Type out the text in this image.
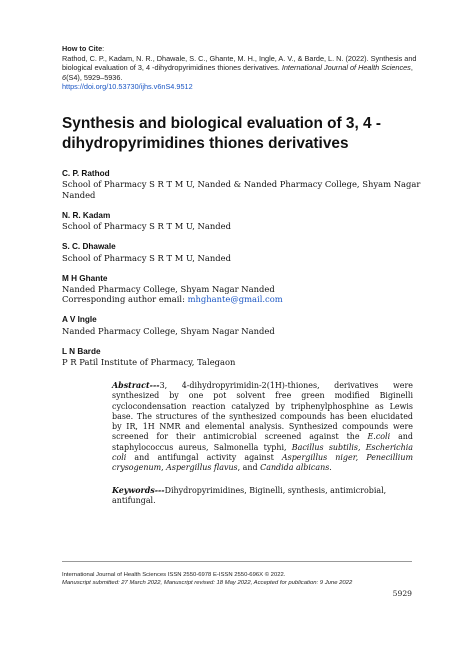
How to Cite:
Rathod, C. P., Kadam, N. R., Dhawale, S. C., Ghante, M. H., Ingle, A. V., & Barde, L. N. (2022). Synthesis and biological evaluation of 3, 4 -dihydropyrimidines thiones derivatives. International Journal of Health Sciences, 6(S4), 5929–5936.
https://doi.org/10.53730/ijhs.v6nS4.9512
Synthesis and biological evaluation of 3, 4 -dihydropyrimidines thiones derivatives
C. P. Rathod
School of Pharmacy S R T M U, Nanded & Nanded Pharmacy College, Shyam Nagar Nanded
N. R. Kadam
School of Pharmacy S R T M U, Nanded
S. C. Dhawale
School of Pharmacy S R T M U, Nanded
M H Ghante
Nanded Pharmacy College, Shyam Nagar Nanded
Corresponding author email: mhghante@gmail.com
A V Ingle
Nanded Pharmacy College, Shyam Nagar Nanded
L N Barde
P R Patil Institute of Pharmacy, Talegaon
Abstract---3, 4-dihydropyrimidin-2(1H)-thiones, derivatives were synthesized by one pot solvent free green modified Biginelli cyclocondensation reaction catalyzed by triphenylphosphine as Lewis base. The structures of the synthesized compounds has been elucidated by IR, 1H NMR and elemental analysis. Synthesized compounds were screened for their antimicrobial screened against the E.coli and staphylococcus aureus, Salmonella typhi, Bacillus subtilis, Escherichia coli and antifungal activity against Aspergillus niger, Penecillium crysogenum, Aspergillus flavus, and Candida albicans.
Keywords---Dihydropyrimidines, Biginelli, synthesis, antimicrobial, antifungal.
International Journal of Health Sciences ISSN 2550-6978 E-ISSN 2550-696X © 2022.
Manuscript submitted: 27 March 2022, Manuscript revised: 18 May 2022, Accepted for publication: 9 June 2022
5929
